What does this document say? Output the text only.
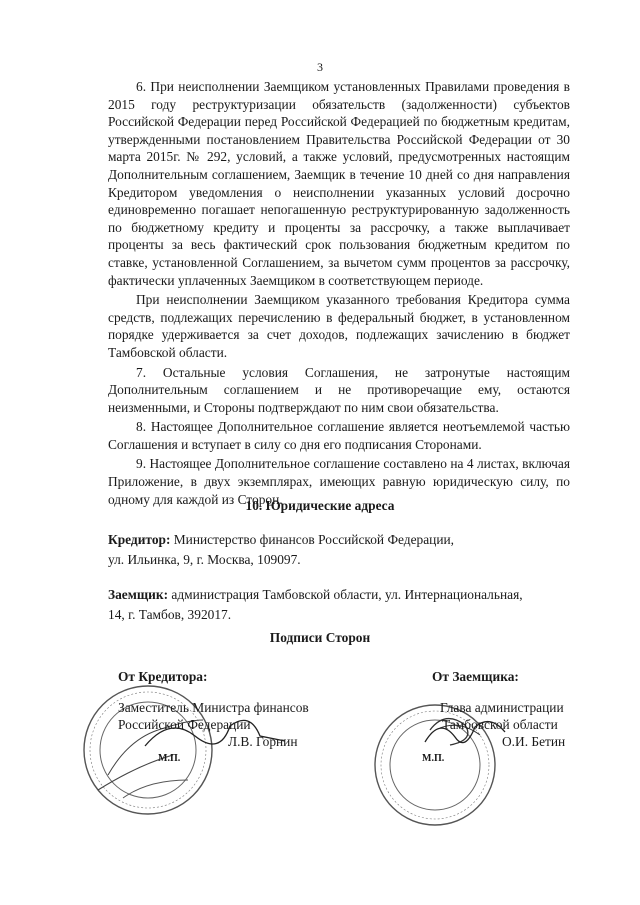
3

6. При неисполнении Заемщиком установленных Правилами проведения в 2015 году реструктуризации обязательств (задолженности) субъектов Российской Федерации перед Российской Федерацией по бюджетным кредитам, утвержденными постановлением Правительства Российской Федерации от 30 марта 2015г. № 292, условий, а также условий, предусмотренных настоящим Дополнительным соглашением, Заемщик в течение 10 дней со дня направления Кредитором уведомления о неисполнении указанных условий досрочно единовременно погашает непогашенную реструктурированную задолженность по бюджетному кредиту и проценты за рассрочку, а также выплачивает проценты за весь фактический срок пользования бюджетным кредитом по ставке, установленной Соглашением, за вычетом сумм процентов за рассрочку, фактически уплаченных Заемщиком в соответствующем периоде.

При неисполнении Заемщиком указанного требования Кредитора сумма средств, подлежащих перечислению в федеральный бюджет, в установленном порядке удерживается за счет доходов, подлежащих зачислению в бюджет Тамбовской области.

7. Остальные условия Соглашения, не затронутые настоящим Дополнительным соглашением и не противоречащие ему, остаются неизменными, и Стороны подтверждают по ним свои обязательства.

8. Настоящее Дополнительное соглашение является неотъемлемой частью Соглашения и вступает в силу со дня его подписания Сторонами.

9. Настоящее Дополнительное соглашение составлено на 4 листах, включая Приложение, в двух экземплярах, имеющих равную юридическую силу, по одному для каждой из Сторон.

10. Юридические адреса
Кредитор: Министерство финансов Российской Федерации,
ул. Ильинка, 9, г. Москва, 109097.
Заемщик: администрация Тамбовской области, ул. Интернациональная,
14, г. Тамбов, 392017.
Подписи Сторон
От Кредитора:
Заместитель Министра финансов
Российской Федерации
Л.В. Горнин
М.П.
От Заемщика:
Глава администрации
Тамбовской области
О.И. Бетин
М.П.
